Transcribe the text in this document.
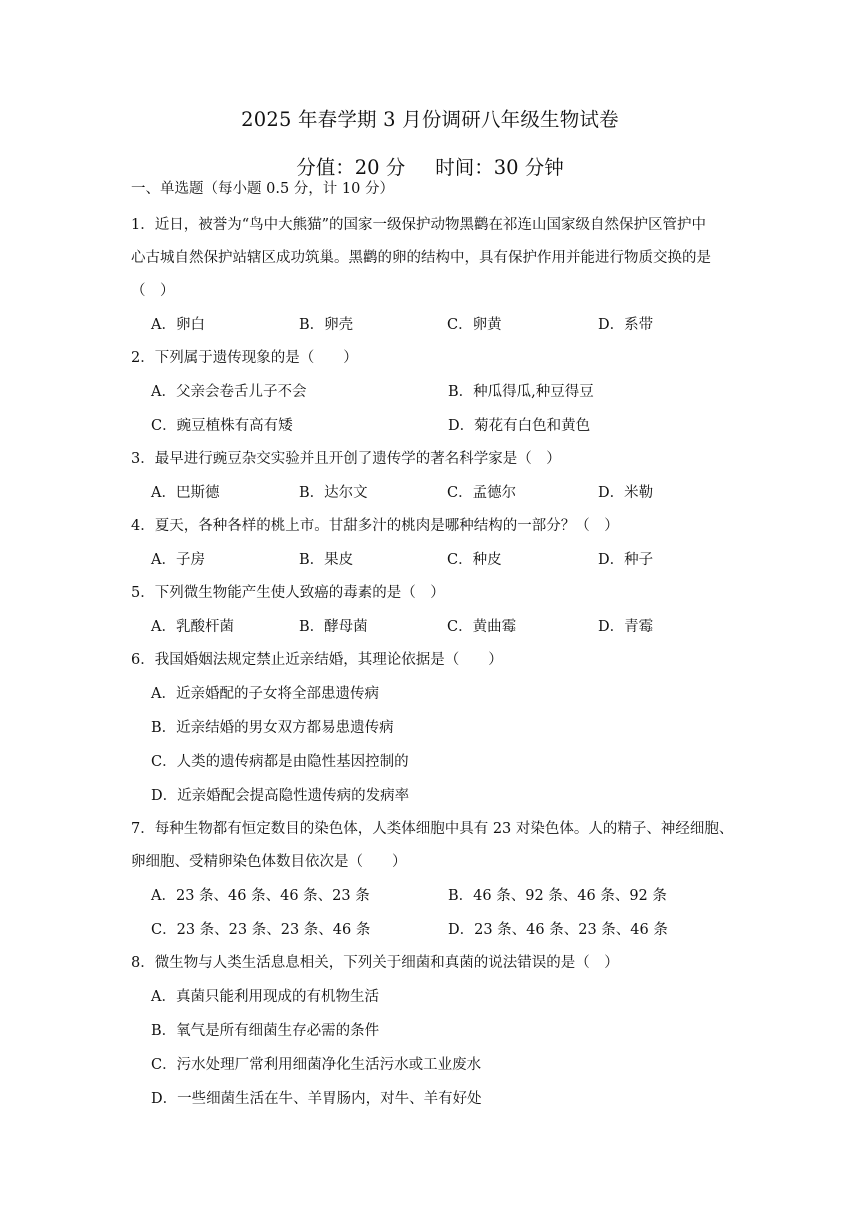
2025 年春学期 3 月份调研八年级生物试卷
分值：20 分 时间：30 分钟
一、单选题（每小题 0.5 分，计 10 分）
1．近日，被誉为“鸟中大熊猫”的国家一级保护动物黑鹳在祁连山国家级自然保护区管护中
心古城自然保护站辖区成功筑巢。黑鹳的卵的结构中，具有保护作用并能进行物质交换的是
（　）
A．卵白	B．卵壳	C．卵黄	D．系带
2．下列属于遗传现象的是（　　）
A．父亲会卷舌儿子不会	B．种瓜得瓜,种豆得豆
C．豌豆植株有高有矮	D．菊花有白色和黄色
3．最早进行豌豆杂交实验并且开创了遗传学的著名科学家是（　）
A．巴斯德	B．达尔文	C．孟德尔	D．米勒
4．夏天，各种各样的桃上市。甘甜多汁的桃肉是哪种结构的一部分？（　）
A．子房	B．果皮	C．种皮	D．种子
5．下列微生物能产生使人致癌的毒素的是（　）
A．乳酸杆菌	B．酵母菌	C．黄曲霉	D．青霉
6．我国婚姻法规定禁止近亲结婚，其理论依据是（　　）
A．近亲婚配的子女将全部患遗传病
B．近亲结婚的男女双方都易患遗传病
C．人类的遗传病都是由隐性基因控制的
D．近亲婚配会提高隐性遗传病的发病率
7．每种生物都有恒定数目的染色体，人类体细胞中具有 23 对染色体。人的精子、神经细胞、
卵细胞、受精卵染色体数目依次是（　　）
A．23 条、46 条、46 条、23 条	B．46 条、92 条、46 条、92 条
C．23 条、23 条、23 条、46 条	D．23 条、46 条、23 条、46 条
8．微生物与人类生活息息相关，下列关于细菌和真菌的说法错误的是（　）
A．真菌只能利用现成的有机物生活
B．氧气是所有细菌生存必需的条件
C．污水处理厂常利用细菌净化生活污水或工业废水
D．一些细菌生活在牛、羊胃肠内，对牛、羊有好处
